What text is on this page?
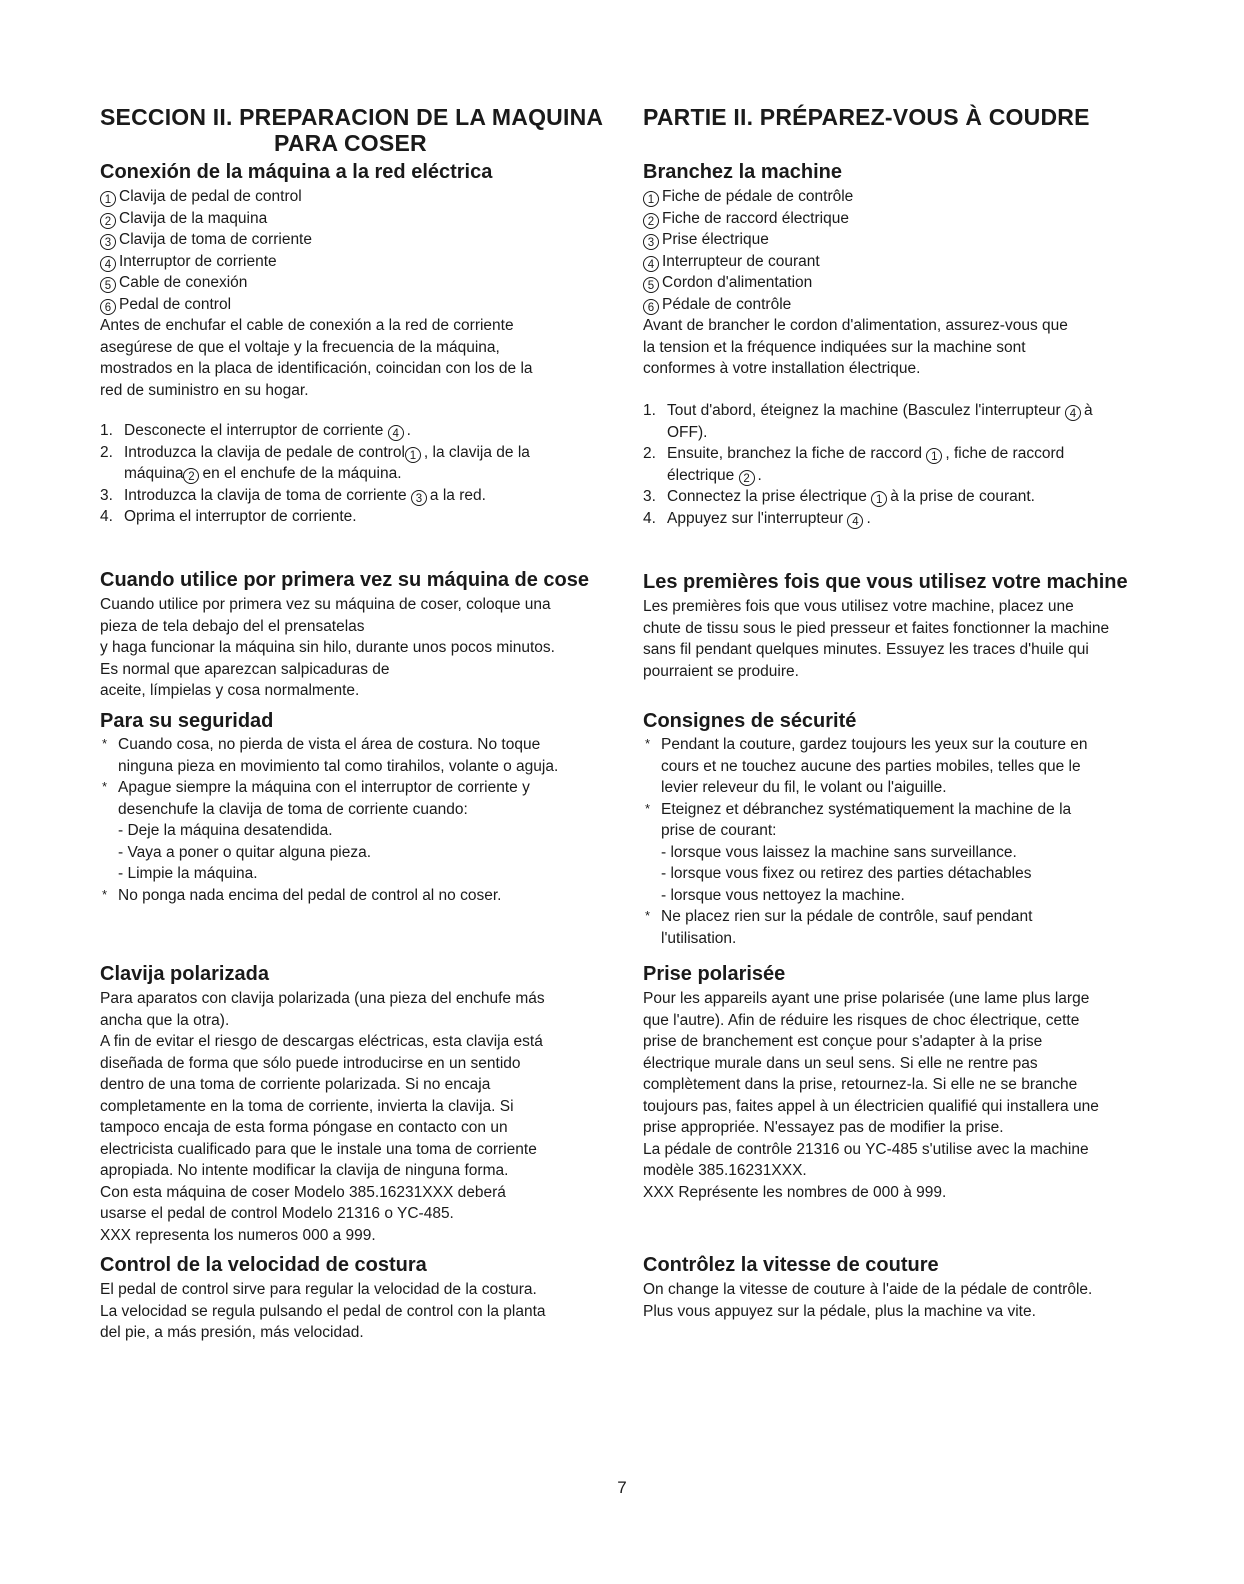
SECCION II. PREPARACION DE LA MAQUINA
PARA COSER
Conexión de la máquina a la red eléctrica
1 Clavija de pedal de control
2 Clavija de la maquina
3 Clavija de toma de corriente
4 Interruptor de corriente
5 Cable de conexión
6 Pedal de control
Antes de enchufar el cable de conexión a la red de corriente
asegúrese de que el voltaje y la frecuencia de la máquina,
mostrados en la placa de identificación, coincidan con los de la
red de suministro en su hogar.
1. Desconecte el interruptor de corriente 4 .
2. Introduzca la clavija de pedale de control 1 , la clavija de la
máquina 2 en el enchufe de la máquina.
3. Introduzca la clavija de toma de corriente 3 a la red.
4. Oprima el interruptor de corriente.
Cuando utilice por primera vez su máquina de cose
Cuando utilice por primera vez su máquina de coser, coloque una
pieza de tela debajo del el prensatelas
y haga funcionar la máquina sin hilo, durante unos pocos minutos.
Es normal que aparezcan salpicaduras de
aceite, límpielas y cosa normalmente.
Para su seguridad
* Cuando cosa, no pierda de vista el área de costura. No toque
ninguna pieza en movimiento tal como tirahilos, volante o aguja.
* Apague siempre la máquina con el interruptor de corriente y
desenchufe la clavija de toma de corriente cuando:
- Deje la máquina desatendida.
- Vaya a poner o quitar alguna pieza.
- Limpie la máquina.
* No ponga nada encima del pedal de control al no coser.
Clavija polarizada
Para aparatos con clavija polarizada (una pieza del enchufe más
ancha que la otra).
A fin de evitar el riesgo de descargas eléctricas, esta clavija está
diseñada de forma que sólo puede introducirse en un sentido
dentro de una toma de corriente polarizada. Si no encaja
completamente en la toma de corriente, invierta la clavija. Si
tampoco encaja de esta forma póngase en contacto con un
electricista cualificado para que le instale una toma de corriente
apropiada. No intente modificar la clavija de ninguna forma.
Con esta máquina de coser Modelo 385.16231XXX deberá
usarse el pedal de control Modelo 21316 o YC-485.
XXX representa los numeros 000 a 999.
Control de la velocidad de costura
El pedal de control sirve para regular la velocidad de la costura.
La velocidad se regula pulsando el pedal de control con la planta
del pie, a más presión, más velocidad.
PARTIE II. PRÉPAREZ-VOUS À COUDRE
Branchez la machine
1 Fiche de pédale de contrôle
2 Fiche de raccord électrique
3 Prise électrique
4 Interrupteur de courant
5 Cordon d'alimentation
6 Pédale de contrôle
Avant de brancher le cordon d'alimentation, assurez-vous que
la tension et la fréquence indiquées sur la machine sont
conformes à votre installation électrique.
1. Tout d'abord, éteignez la machine (Basculez l'interrupteur 4 à
OFF).
2. Ensuite, branchez la fiche de raccord 1 , fiche de raccord
électrique 2 .
3. Connectez la prise électrique 1 à la prise de courant.
4. Appuyez sur l'interrupteur 4 .
Les premières fois que vous utilisez votre machine
Les premières fois que vous utilisez votre machine, placez une
chute de tissu sous le pied presseur et faites fonctionner la machine
sans fil pendant quelques minutes. Essuyez les traces d'huile qui
pourraient se produire.
Consignes de sécurité
* Pendant la couture, gardez toujours les yeux sur la couture en
cours et ne touchez aucune des parties mobiles, telles que le
levier releveur du fil, le volant ou l'aiguille.
* Eteignez et débranchez systématiquement la machine de la
prise de courant:
- lorsque vous laissez la machine sans surveillance.
- lorsque vous fixez ou retirez des parties détachables
- lorsque vous nettoyez la machine.
* Ne placez rien sur la pédale de contrôle, sauf pendant
l'utilisation.
Prise polarisée
Pour les appareils ayant une prise polarisée (une lame plus large
que l'autre). Afin de réduire les risques de choc électrique, cette
prise de branchement est conçue pour s'adapter à la prise
électrique murale dans un seul sens. Si elle ne rentre pas
complètement dans la prise, retournez-la. Si elle ne se branche
toujours pas, faites appel à un électricien qualifié qui installera une
prise appropriée. N'essayez pas de modifier la prise.
La pédale de contrôle 21316 ou YC-485 s'utilise avec la machine
modèle 385.16231XXX.
XXX Représente les nombres de 000 à 999.
Contrôlez la vitesse de couture
On change la vitesse de couture à l'aide de la pédale de contrôle.
Plus vous appuyez sur la pédale, plus la machine va vite.
7
